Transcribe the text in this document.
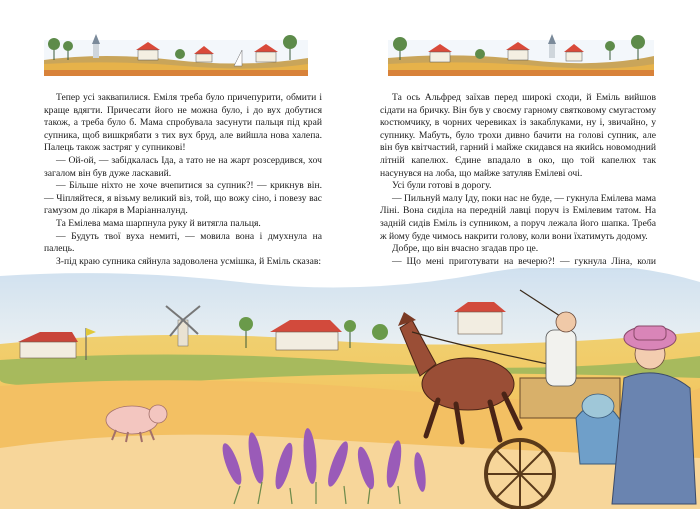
Тепер усі заквапилися. Еміля треба було причепурити, обмити і краще вдягти. Причесати його не можна було, і до вух добутися також, а треба було б. Мама спробувала засунути пальця під край супника, щоб вишкрябати з тих вух бруд, але вийшла нова халепа. Палець також застряг у супникові!

— Ой-ой, — забідкалась Іда, а тато не на жарт розсердився, хоч загалом він був дуже ласкавий.

— Більше ніхто не хоче вчепитися за супник?! — крикнув він. — Чіпляйтеся, я візьму великий віз, той, що вожу сіно, і повезу вас гамузом до лікаря в Маріанналунд.

Та Емілева мама шарпнула руку й витягла пальця.

— Будуть твої вуха немиті, — мовила вона і дмухнула на палець.

З-під краю супника сяйнула задоволена усмішка, й Еміль сказав:

Та ось Альфред заїхав перед широкі сходи, й Еміль вийшов сідати на бричку. Він був у своєму гарному святковому смугастому костюмчику, в чорних черевиках із закаблуками, ну і, звичайно, у супнику. Мабуть, було трохи дивно бачити на голові супник, але він був квітчастий, гарний і майже скидався на якийсь новомодний літній капелюх. Єдине впадало в око, що той капелюх так насунувся на лоба, що майже затуляв Емілеві очі.

Усі були готові в дорогу.

— Пильнуй малу Іду, поки нас не буде, — гукнула Емілева мама Ліні. Вона сиділа на передній лавці поруч із Емілевим татом. На задній сидів Еміль із супником, а поруч лежала його шапка. Треба ж йому буде чимось накрити голову, коли вони їхатимуть додому.

Добре, що він вчасно згадав про це.

— Що мені приготувати на вечерю?! — гукнула Ліна, коли
